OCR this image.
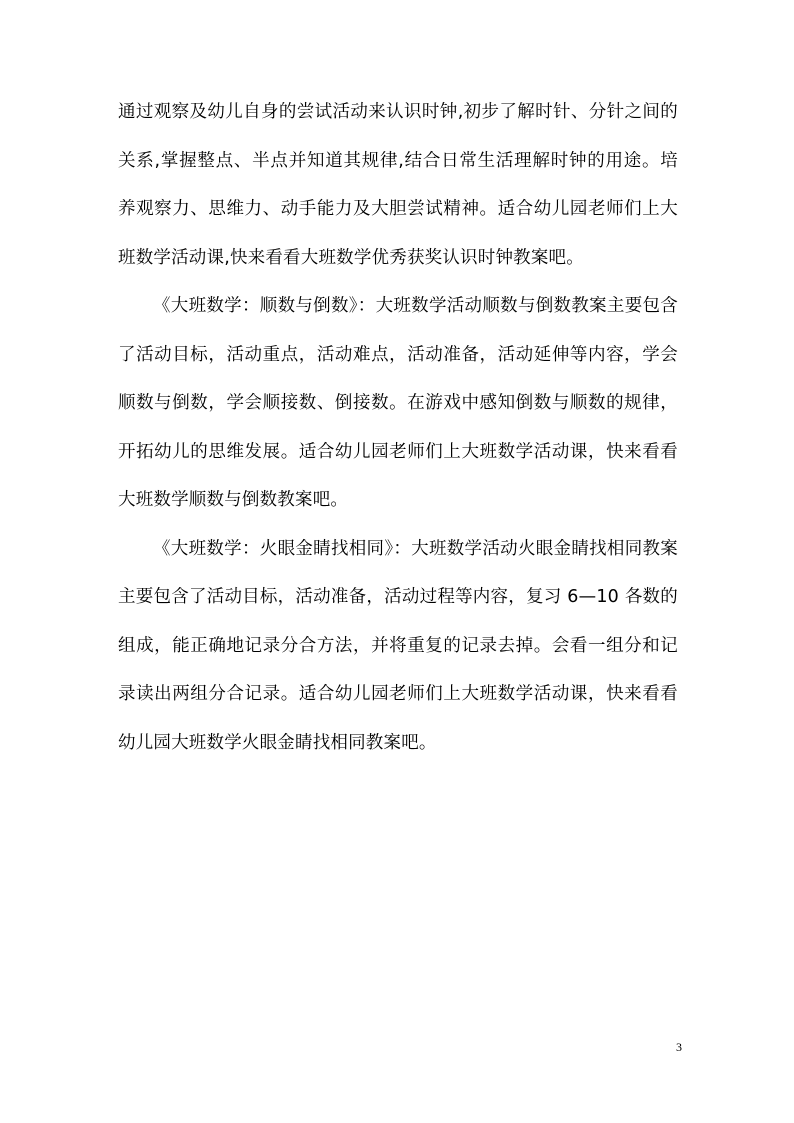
通过观察及幼儿自身的尝试活动来认识时钟,初步了解时针、分针之间的关系,掌握整点、半点并知道其规律,结合日常生活理解时钟的用途。培养观察力、思维力、动手能力及大胆尝试精神。适合幼儿园老师们上大班数学活动课,快来看看大班数学优秀获奖认识时钟教案吧。

《大班数学：顺数与倒数》：大班数学活动顺数与倒数教案主要包含了活动目标，活动重点，活动难点，活动准备，活动延伸等内容，学会顺数与倒数，学会顺接数、倒接数。在游戏中感知倒数与顺数的规律，开拓幼儿的思维发展。适合幼儿园老师们上大班数学活动课，快来看看大班数学顺数与倒数教案吧。

《大班数学：火眼金睛找相同》：大班数学活动火眼金睛找相同教案主要包含了活动目标，活动准备，活动过程等内容，复习 6—10 各数的组成，能正确地记录分合方法，并将重复的记录去掉。会看一组分和记录读出两组分合记录。适合幼儿园老师们上大班数学活动课，快来看看幼儿园大班数学火眼金睛找相同教案吧。

3
